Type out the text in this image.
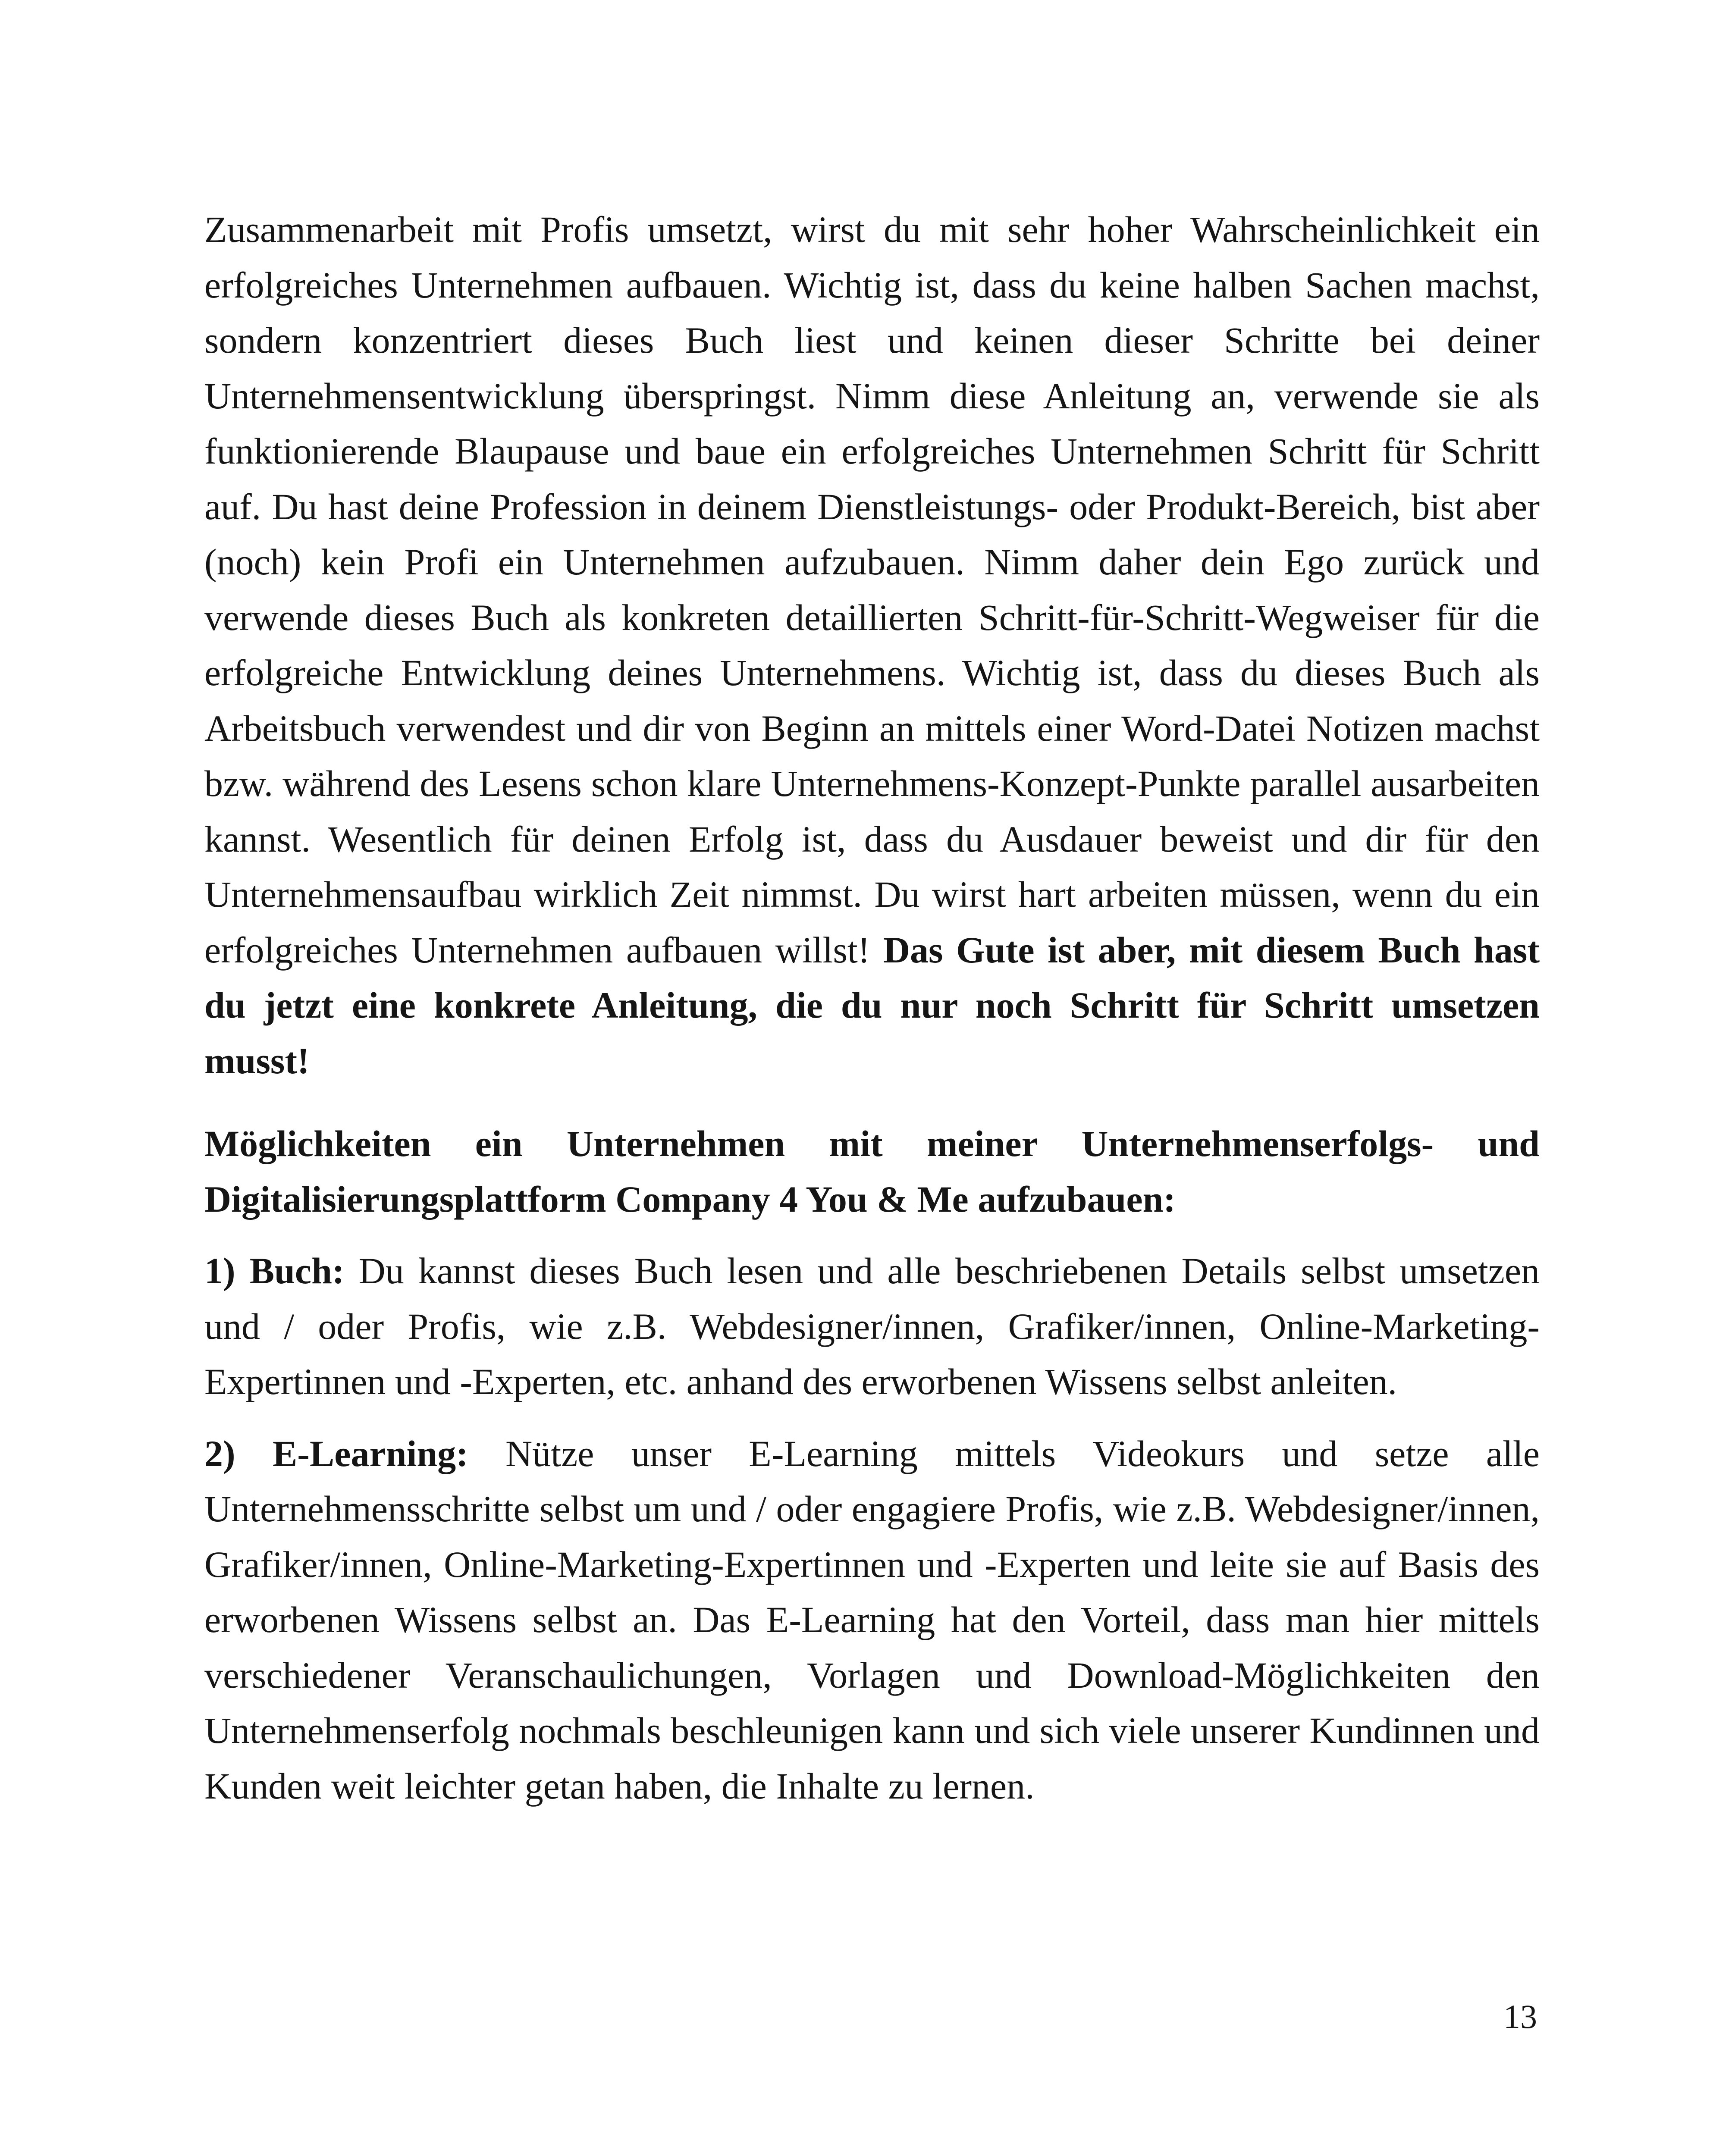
Zusammenarbeit mit Profis umsetzt, wirst du mit sehr hoher Wahrscheinlichkeit ein erfolgreiches Unternehmen aufbauen. Wichtig ist, dass du keine halben Sachen machst, sondern konzentriert dieses Buch liest und keinen dieser Schritte bei deiner Unternehmensentwicklung überspringst. Nimm diese Anleitung an, verwende sie als funktionierende Blaupause und baue ein erfolgreiches Unternehmen Schritt für Schritt auf. Du hast deine Profession in deinem Dienstleistungs- oder Produkt-Bereich, bist aber (noch) kein Profi ein Unternehmen aufzubauen. Nimm daher dein Ego zurück und verwende dieses Buch als konkreten detaillierten Schritt-für-Schritt-Wegweiser für die erfolgreiche Entwicklung deines Unternehmens. Wichtig ist, dass du dieses Buch als Arbeitsbuch verwendest und dir von Beginn an mittels einer Word-Datei Notizen machst bzw. während des Lesens schon klare Unternehmens-Konzept-Punkte parallel ausarbeiten kannst. Wesentlich für deinen Erfolg ist, dass du Ausdauer beweist und dir für den Unternehmensaufbau wirklich Zeit nimmst. Du wirst hart arbeiten müssen, wenn du ein erfolgreiches Unternehmen aufbauen willst! Das Gute ist aber, mit diesem Buch hast du jetzt eine konkrete Anleitung, die du nur noch Schritt für Schritt umsetzen musst!

Möglichkeiten ein Unternehmen mit meiner Unternehmenserfolgs- und Digitalisierungsplattform Company 4 You & Me aufzubauen:

1) Buch: Du kannst dieses Buch lesen und alle beschriebenen Details selbst umsetzen und / oder Profis, wie z.B. Webdesigner/innen, Grafiker/innen, Online-Marketing-Expertinnen und -Experten, etc. anhand des erworbenen Wissens selbst anleiten.

2) E-Learning: Nütze unser E-Learning mittels Videokurs und setze alle Unternehmensschritte selbst um und / oder engagiere Profis, wie z.B. Webdesigner/innen, Grafiker/innen, Online-Marketing-Expertinnen und -Experten und leite sie auf Basis des erworbenen Wissens selbst an. Das E-Learning hat den Vorteil, dass man hier mittels verschiedener Veranschaulichungen, Vorlagen und Download-Möglichkeiten den Unternehmenserfolg nochmals beschleunigen kann und sich viele unserer Kundinnen und Kunden weit leichter getan haben, die Inhalte zu lernen.

13
